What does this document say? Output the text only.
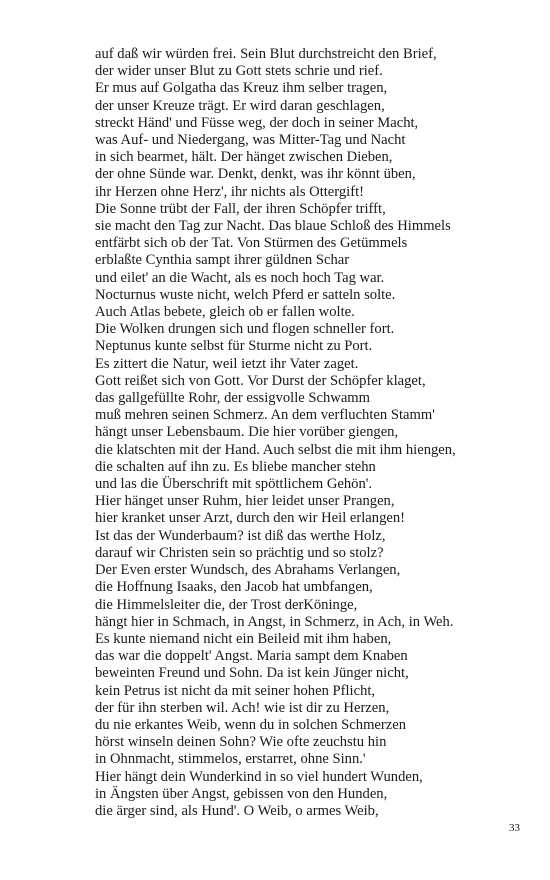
auf daß wir würden frei. Sein Blut durchstreicht den Brief,
der wider unser Blut zu Gott stets schrie und rief.
Er mus auf Golgatha das Kreuz ihm selber tragen,
der unser Kreuze trägt. Er wird daran geschlagen,
streckt Händ' und Füsse weg, der doch in seiner Macht,
was Auf- und Niedergang, was Mitter-Tag und Nacht
in sich bearmet, hält. Der hänget zwischen Dieben,
der ohne Sünde war. Denkt, denkt, was ihr könnt üben,
ihr Herzen ohne Herz', ihr nichts als Ottergift!
Die Sonne trübt der Fall, der ihren Schöpfer trifft,
sie macht den Tag zur Nacht. Das blaue Schloß des Himmels
entfärbt sich ob der Tat. Von Stürmen des Getümmels
erblaßte Cynthia sampt ihrer güldnen Schar
und eilet' an die Wacht, als es noch hoch Tag war.
Nocturnus wuste nicht, welch Pferd er satteln solte.
Auch Atlas bebete, gleich ob er fallen wolte.
Die Wolken drungen sich und flogen schneller fort.
Neptunus kunte selbst für Sturme nicht zu Port.
Es zittert die Natur, weil ietzt ihr Vater zaget.
Gott reißet sich von Gott. Vor Durst der Schöpfer klaget,
das gallgefüllte Rohr, der essigvolle Schwamm
muß mehren seinen Schmerz. An dem verfluchten Stamm'
hängt unser Lebensbaum. Die hier vorüber giengen,
die klatschten mit der Hand. Auch selbst die mit ihm hiengen,
die schalten auf ihn zu. Es bliebe mancher stehn
und las die Überschrift mit spöttlichem Gehön'.
Hier hänget unser Ruhm, hier leidet unser Prangen,
hier kranket unser Arzt, durch den wir Heil erlangen!
Ist das der Wunderbaum? ist diß das werthe Holz,
darauf wir Christen sein so prächtig und so stolz?
Der Even erster Wundsch, des Abrahams Verlangen,
die Hoffnung Isaaks, den Jacob hat umbfangen,
die Himmelsleiter die, der Trost derKöninge,
hängt hier in Schmach, in Angst, in Schmerz, in Ach, in Weh.
Es kunte niemand nicht ein Beileid mit ihm haben,
das war die doppelt' Angst. Maria sampt dem Knaben
beweinten Freund und Sohn. Da ist kein Jünger nicht,
kein Petrus ist nicht da mit seiner hohen Pflicht,
der für ihn sterben wil. Ach! wie ist dir zu Herzen,
du nie erkantes Weib, wenn du in solchen Schmerzen
hörst winseln deinen Sohn? Wie ofte zeuchstu hin
in Ohnmacht, stimmelos, erstarret, ohne Sinn.'
Hier hängt dein Wunderkind in so viel hundert Wunden,
in Ängsten über Angst, gebissen von den Hunden,
die ärger sind, als Hund'. O Weib, o armes Weib,
33
